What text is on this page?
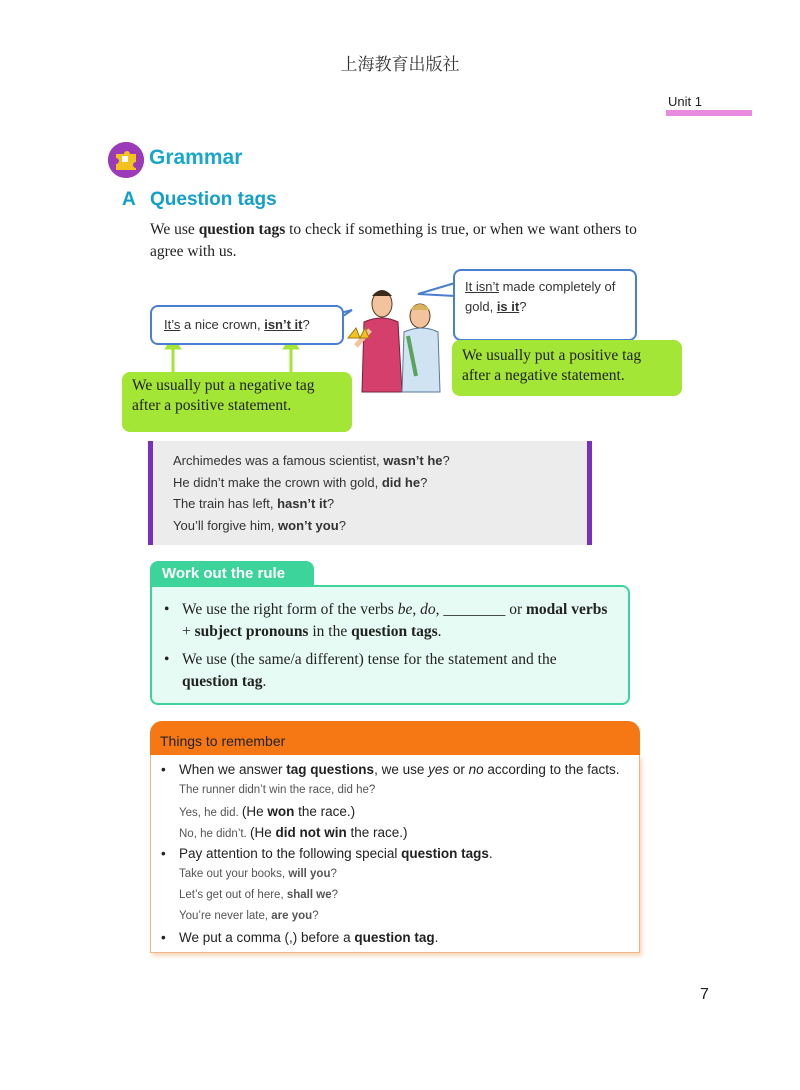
上海教育出版社
Unit 1
Grammar
A Question tags
We use question tags to check if something is true, or when we want others to agree with us.
It’s a nice crown, isn’t it?
It isn’t made completely of gold, is it?
We usually put a negative tag after a positive statement.
We usually put a positive tag after a negative statement.
Archimedes was a famous scientist, wasn’t he?
He didn’t make the crown with gold, did he?
The train has left, hasn’t it?
You’ll forgive him, won’t you?
Work out the rule
• We use the right form of the verbs be, do, ________ or modal verbs + subject pronouns in the question tags.
• We use (the same/a different) tense for the statement and the question tag.
Things to remember
• When we answer tag questions, we use yes or no according to the facts.
The runner didn’t win the race, did he?
Yes, he did. (He won the race.)
No, he didn’t. (He did not win the race.)
• Pay attention to the following special question tags.
Take out your books, will you?
Let’s get out of here, shall we?
You’re never late, are you?
• We put a comma (,) before a question tag.
7
